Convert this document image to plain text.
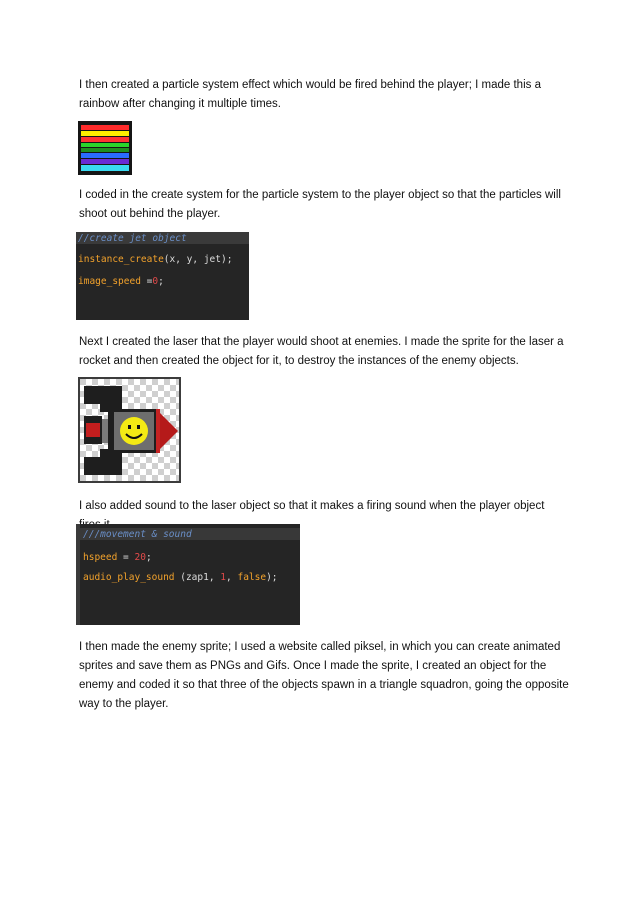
I then created a particle system effect which would be fired behind the player; I made this a rainbow after changing it multiple times.

I coded in the create system for the particle system to the player object so that the particles will shoot out behind the player.

//create jet object
instance_create(x, y, jet);
image_speed =0;

Next I created the laser that the player would shoot at enemies. I made the sprite for the laser a rocket and then created the object for it, to destroy the instances of the enemy objects.

I also added sound to the laser object so that it makes a firing sound when the player object

///movement & sound
hspeed = 20;
audio_play_sound (zap1, 1, false);

I then made the enemy sprite; I used a website called piksel, in which you can create animated sprites and save them as PNGs and Gifs. Once I made the sprite, I created an object for the enemy and coded it so that three of the objects spawn in a triangle squadron, going the opposite way to the player.
